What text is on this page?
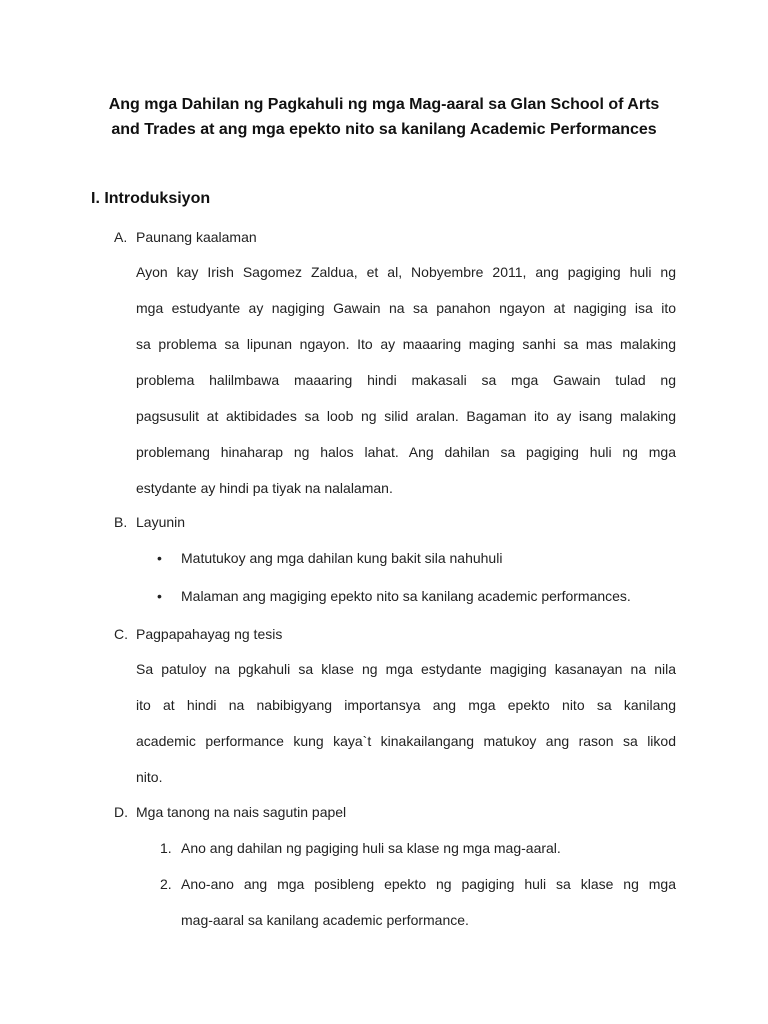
Ang mga Dahilan ng Pagkahuli ng mga Mag-aaral sa Glan School of Arts
and Trades at ang mga epekto nito sa kanilang Academic Performances
I. Introduksiyon
A. Paunang kaalaman
Ayon kay Irish Sagomez Zaldua, et al, Nobyembre 2011, ang pagiging huli ng
mga estudyante ay nagiging Gawain na sa panahon ngayon at nagiging isa ito
sa problema sa lipunan ngayon. Ito ay maaaring maging sanhi sa mas malaking
problema halilmbawa maaaring hindi makasali sa mga Gawain tulad ng
pagsusulit at aktibidades sa loob ng silid aralan. Bagaman ito ay isang malaking
problemang hinaharap ng halos lahat. Ang dahilan sa pagiging huli ng mga
estydante ay hindi pa tiyak na nalalaman.
B. Layunin
• Matutukoy ang mga dahilan kung bakit sila nahuhuli
• Malaman ang magiging epekto nito sa kanilang academic performances.
C. Pagpapahayag ng tesis
Sa patuloy na pgkahuli sa klase ng mga estydante magiging kasanayan na nila
ito at hindi na nabibigyang importansya ang mga epekto nito sa kanilang
academic performance kung kaya`t kinakailangang matukoy ang rason sa likod
nito.
D. Mga tanong na nais sagutin papel
1. Ano ang dahilan ng pagiging huli sa klase ng mga mag-aaral.
2. Ano-ano ang mga posibleng epekto ng pagiging huli sa klase ng mga
mag-aaral sa kanilang academic performance.
